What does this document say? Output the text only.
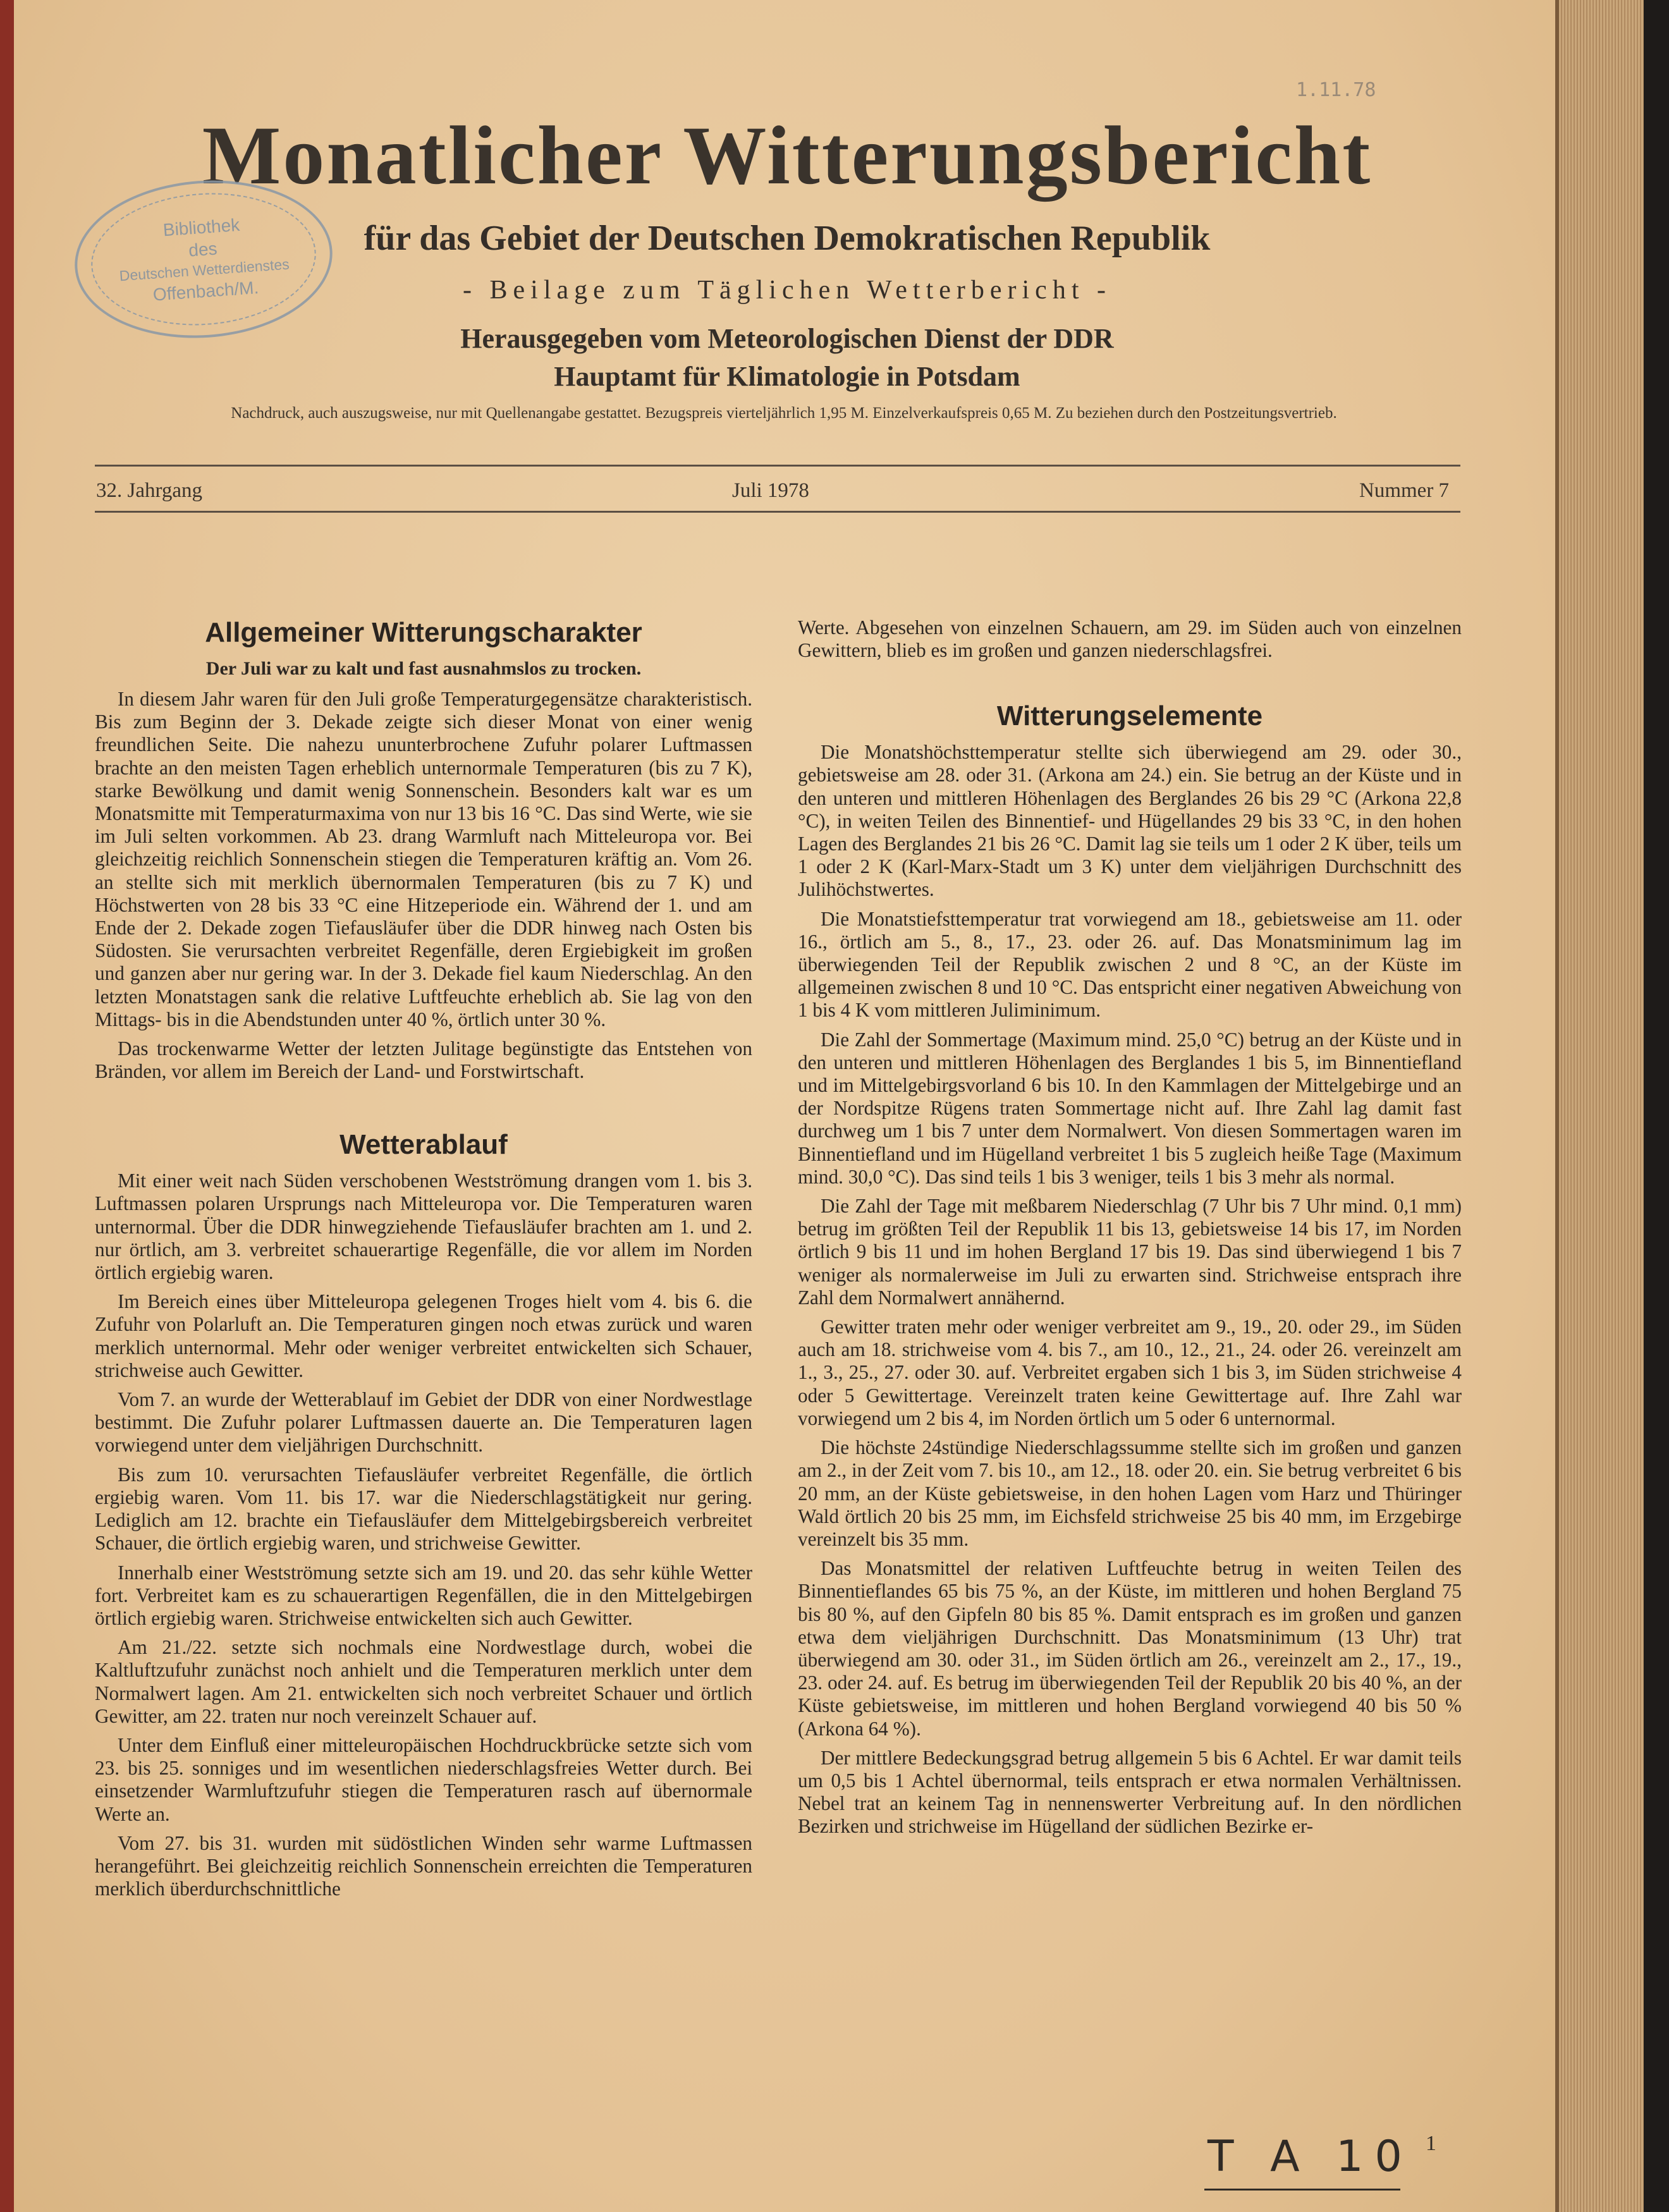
1.11.78
Monatlicher Witterungsbericht
für das Gebiet der Deutschen Demokratischen Republik
- Beilage zum Täglichen Wetterbericht -
Herausgegeben vom Meteorologischen Dienst der DDR
Hauptamt für Klimatologie in Potsdam
Nachdruck, auch auszugsweise, nur mit Quellenangabe gestattet. Bezugspreis vierteljährlich 1,95 M. Einzelverkaufspreis 0,65 M. Zu beziehen durch den Postzeitungsvertrieb.
Bibliothek
des
Deutschen Wetterdienstes
Offenbach/M.
32. Jahrgang	Juli 1978	Nummer 7

Allgemeiner Witterungscharakter

Der Juli war zu kalt und fast ausnahmslos zu trocken.

In diesem Jahr waren für den Juli große Temperaturgegensätze charakteristisch. Bis zum Beginn der 3. Dekade zeigte sich dieser Monat von einer wenig freundlichen Seite. Die nahezu ununterbrochene Zufuhr polarer Luftmassen brachte an den meisten Tagen erheblich unternormale Temperaturen (bis zu 7 K), starke Bewölkung und damit wenig Sonnenschein. Besonders kalt war es um Monatsmitte mit Temperaturmaxima von nur 13 bis 16 °C. Das sind Werte, wie sie im Juli selten vorkommen. Ab 23. drang Warmluft nach Mitteleuropa vor. Bei gleichzeitig reichlich Sonnenschein stiegen die Temperaturen kräftig an. Vom 26. an stellte sich mit merklich übernormalen Temperaturen (bis zu 7 K) und Höchstwerten von 28 bis 33 °C eine Hitzeperiode ein. Während der 1. und am Ende der 2. Dekade zogen Tiefausläufer über die DDR hinweg nach Osten bis Südosten. Sie verursachten verbreitet Regenfälle, deren Ergiebigkeit im großen und ganzen aber nur gering war. In der 3. Dekade fiel kaum Niederschlag. An den letzten Monatstagen sank die relative Luftfeuchte erheblich ab. Sie lag von den Mittags- bis in die Abendstunden unter 40 %, örtlich unter 30 %.

Das trockenwarme Wetter der letzten Julitage begünstigte das Entstehen von Bränden, vor allem im Bereich der Land- und Forstwirtschaft.

Wetterablauf

Mit einer weit nach Süden verschobenen Westströmung drangen vom 1. bis 3. Luftmassen polaren Ursprungs nach Mitteleuropa vor. Die Temperaturen waren unternormal. Über die DDR hinwegziehende Tiefausläufer brachten am 1. und 2. nur örtlich, am 3. verbreitet schauerartige Regenfälle, die vor allem im Norden örtlich ergiebig waren.

Im Bereich eines über Mitteleuropa gelegenen Troges hielt vom 4. bis 6. die Zufuhr von Polarluft an. Die Temperaturen gingen noch etwas zurück und waren merklich unternormal. Mehr oder weniger verbreitet entwickelten sich Schauer, strichweise auch Gewitter.

Vom 7. an wurde der Wetterablauf im Gebiet der DDR von einer Nordwestlage bestimmt. Die Zufuhr polarer Luftmassen dauerte an. Die Temperaturen lagen vorwiegend unter dem vieljährigen Durchschnitt.

Bis zum 10. verursachten Tiefausläufer verbreitet Regenfälle, die örtlich ergiebig waren. Vom 11. bis 17. war die Niederschlagstätigkeit nur gering. Lediglich am 12. brachte ein Tiefausläufer dem Mittelgebirgsbereich verbreitet Schauer, die örtlich ergiebig waren, und strichweise Gewitter.

Innerhalb einer Westströmung setzte sich am 19. und 20. das sehr kühle Wetter fort. Verbreitet kam es zu schauerartigen Regenfällen, die in den Mittelgebirgen örtlich ergiebig waren. Strichweise entwickelten sich auch Gewitter.

Am 21./22. setzte sich nochmals eine Nordwestlage durch, wobei die Kaltluftzufuhr zunächst noch anhielt und die Temperaturen merklich unter dem Normalwert lagen. Am 21. entwickelten sich noch verbreitet Schauer und örtlich Gewitter, am 22. traten nur noch vereinzelt Schauer auf.

Unter dem Einfluß einer mitteleuropäischen Hochdruckbrücke setzte sich vom 23. bis 25. sonniges und im wesentlichen niederschlagsfreies Wetter durch. Bei einsetzender Warmluftzufuhr stiegen die Temperaturen rasch auf übernormale Werte an.

Vom 27. bis 31. wurden mit südöstlichen Winden sehr warme Luftmassen herangeführt. Bei gleichzeitig reichlich Sonnenschein erreichten die Temperaturen merklich überdurchschnittliche

Werte. Abgesehen von einzelnen Schauern, am 29. im Süden auch von einzelnen Gewittern, blieb es im großen und ganzen niederschlagsfrei.

Witterungselemente

Die Monatshöchsttemperatur stellte sich überwiegend am 29. oder 30., gebietsweise am 28. oder 31. (Arkona am 24.) ein. Sie betrug an der Küste und in den unteren und mittleren Höhenlagen des Berglandes 26 bis 29 °C (Arkona 22,8 °C), in weiten Teilen des Binnentief- und Hügellandes 29 bis 33 °C, in den hohen Lagen des Berglandes 21 bis 26 °C. Damit lag sie teils um 1 oder 2 K über, teils um 1 oder 2 K (Karl-Marx-Stadt um 3 K) unter dem vieljährigen Durchschnitt des Julihöchstwertes.

Die Monatstiefsttemperatur trat vorwiegend am 18., gebietsweise am 11. oder 16., örtlich am 5., 8., 17., 23. oder 26. auf. Das Monatsminimum lag im überwiegenden Teil der Republik zwischen 2 und 8 °C, an der Küste im allgemeinen zwischen 8 und 10 °C. Das entspricht einer negativen Abweichung von 1 bis 4 K vom mittleren Juliminimum.

Die Zahl der Sommertage (Maximum mind. 25,0 °C) betrug an der Küste und in den unteren und mittleren Höhenlagen des Berglandes 1 bis 5, im Binnentiefland und im Mittelgebirgsvorland 6 bis 10. In den Kammlagen der Mittelgebirge und an der Nordspitze Rügens traten Sommertage nicht auf. Ihre Zahl lag damit fast durchweg um 1 bis 7 unter dem Normalwert. Von diesen Sommertagen waren im Binnentiefland und im Hügelland verbreitet 1 bis 5 zugleich heiße Tage (Maximum mind. 30,0 °C). Das sind teils 1 bis 3 weniger, teils 1 bis 3 mehr als normal.

Die Zahl der Tage mit meßbarem Niederschlag (7 Uhr bis 7 Uhr mind. 0,1 mm) betrug im größten Teil der Republik 11 bis 13, gebietsweise 14 bis 17, im Norden örtlich 9 bis 11 und im hohen Bergland 17 bis 19. Das sind überwiegend 1 bis 7 weniger als normalerweise im Juli zu erwarten sind. Strichweise entsprach ihre Zahl dem Normalwert annähernd.

Gewitter traten mehr oder weniger verbreitet am 9., 19., 20. oder 29., im Süden auch am 18. strichweise vom 4. bis 7., am 10., 12., 21., 24. oder 26. vereinzelt am 1., 3., 25., 27. oder 30. auf. Verbreitet ergaben sich 1 bis 3, im Süden strichweise 4 oder 5 Gewittertage. Vereinzelt traten keine Gewittertage auf. Ihre Zahl war vorwiegend um 2 bis 4, im Norden örtlich um 5 oder 6 unternormal.

Die höchste 24stündige Niederschlagssumme stellte sich im großen und ganzen am 2., in der Zeit vom 7. bis 10., am 12., 18. oder 20. ein. Sie betrug verbreitet 6 bis 20 mm, an der Küste gebietsweise, in den hohen Lagen vom Harz und Thüringer Wald örtlich 20 bis 25 mm, im Eichsfeld strichweise 25 bis 40 mm, im Erzgebirge vereinzelt bis 35 mm.

Das Monatsmittel der relativen Luftfeuchte betrug in weiten Teilen des Binnentieflandes 65 bis 75 %, an der Küste, im mittleren und hohen Bergland 75 bis 80 %, auf den Gipfeln 80 bis 85 %. Damit entsprach es im großen und ganzen etwa dem vieljährigen Durchschnitt. Das Monatsminimum (13 Uhr) trat überwiegend am 30. oder 31., im Süden örtlich am 26., vereinzelt am 2., 17., 19., 23. oder 24. auf. Es betrug im überwiegenden Teil der Republik 20 bis 40 %, an der Küste gebietsweise, im mittleren und hohen Bergland vorwiegend 40 bis 50 % (Arkona 64 %).

Der mittlere Bedeckungsgrad betrug allgemein 5 bis 6 Achtel. Er war damit teils um 0,5 bis 1 Achtel übernormal, teils entsprach er etwa normalen Verhältnissen. Nebel trat an keinem Tag in nennenswerter Verbreitung auf. In den nördlichen Bezirken und strichweise im Hügelland der südlichen Bezirke er-

T A 10 1
